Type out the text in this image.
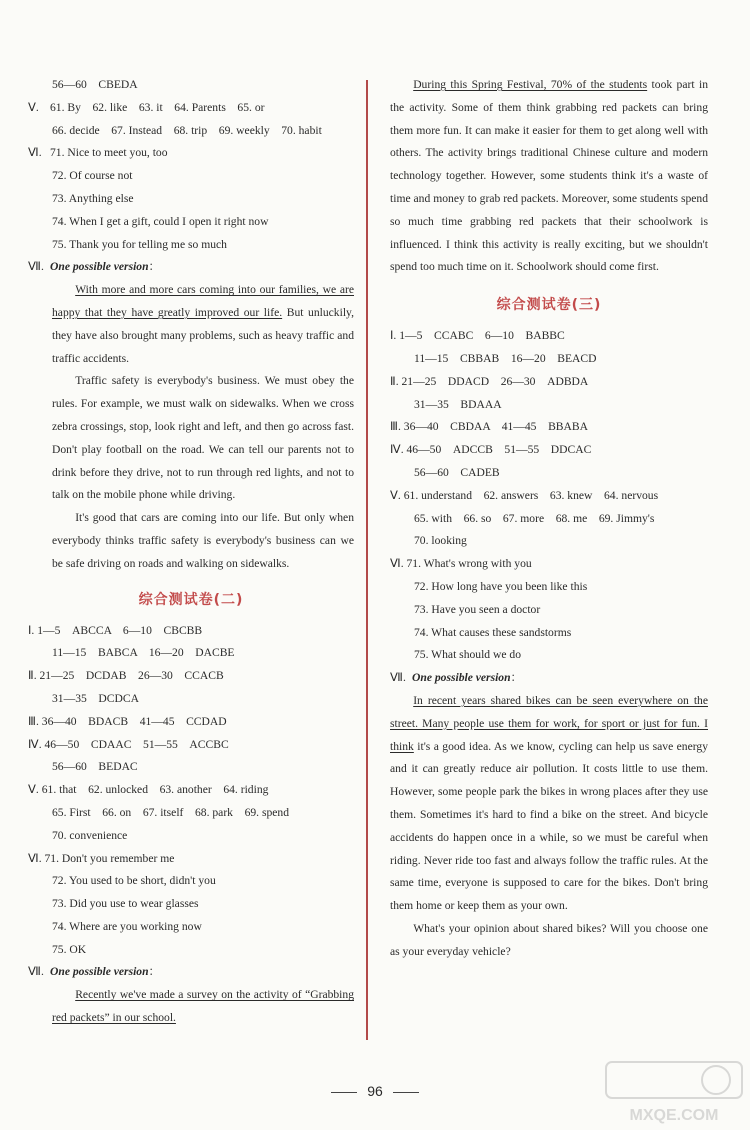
56—60　CBEDA
Ⅴ. 61. By　62. like　63. it　64. Parents　65. or
66. decide　67. Instead　68. trip　69. weekly　70. habit
Ⅵ. 71. Nice to meet you, too
72. Of course not
73. Anything else
74. When I get a gift, could I open it right now
75. Thank you for telling me so much
Ⅶ. One possible version：
With more and more cars coming into our families, we are happy that they have greatly improved our life. But unluckily, they have also brought many problems, such as heavy traffic and traffic accidents.
Traffic safety is everybody's business. We must obey the rules. For example, we must walk on sidewalks. When we cross zebra crossings, stop, look right and left, and then go across fast. Don't play football on the road. We can tell our parents not to drink before they drive, not to run through red lights, and not to talk on the mobile phone while driving.
It's good that cars are coming into our life. But only when everybody thinks traffic safety is everybody's business can we be safe driving on roads and walking on sidewalks.
综合测试卷(二)
Ⅰ. 1—5　ABCCA　6—10　CBCBB
11—15　BABCA　16—20　DACBE
Ⅱ. 21—25　DCDAB　26—30　CCACB
31—35　DCDCA
Ⅲ. 36—40　BDACB　41—45　CCDAD
Ⅳ. 46—50　CDAAC　51—55　ACCBC
56—60　BEDAC
Ⅴ. 61. that　62. unlocked　63. another　64. riding
65. First　66. on　67. itself　68. park　69. spend
70. convenience
Ⅵ. 71. Don't you remember me
72. You used to be short, didn't you
73. Did you use to wear glasses
74. Where are you working now
75. OK
Ⅶ. One possible version：
Recently we've made a survey on the activity of “Grabbing red packets” in our school.
During this Spring Festival, 70% of the students took part in the activity. Some of them think grabbing red packets can bring them more fun. It can make it easier for them to get along well with others. The activity brings traditional Chinese culture and modern technology together. However, some students think it's a waste of time and money to grab red packets. Moreover, some students spend so much time grabbing red packets that their schoolwork is influenced. I think this activity is really exciting, but we shouldn't spend too much time on it. Schoolwork should come first.
综合测试卷(三)
Ⅰ. 1—5　CCABC　6—10　BABBC
11—15　CBBAB　16—20　BEACD
Ⅱ. 21—25　DDACD　26—30　ADBDA
31—35　BDAAA
Ⅲ. 36—40　CBDAA　41—45　BBABA
Ⅳ. 46—50　ADCCB　51—55　DDCAC
56—60　CADEB
Ⅴ. 61. understand　62. answers　63. knew　64. nervous
65. with　66. so　67. more　68. me　69. Jimmy's
70. looking
Ⅵ. 71. What's wrong with you
72. How long have you been like this
73. Have you seen a doctor
74. What causes these sandstorms
75. What should we do
Ⅶ. One possible version：
In recent years shared bikes can be seen everywhere on the street. Many people use them for work, for sport or just for fun. I think it's a good idea. As we know, cycling can help us save energy and it can greatly reduce air pollution. It costs little to use them. However, some people park the bikes in wrong places after they use them. Sometimes it's hard to find a bike on the street. And bicycle accidents do happen once in a while, so we must be careful when riding. Never ride too fast and always follow the traffic rules. At the same time, everyone is supposed to care for the bikes. Don't bring them home or keep them as your own.
What's your opinion about shared bikes? Will you choose one as your everyday vehicle?
96
MXQE.COM
